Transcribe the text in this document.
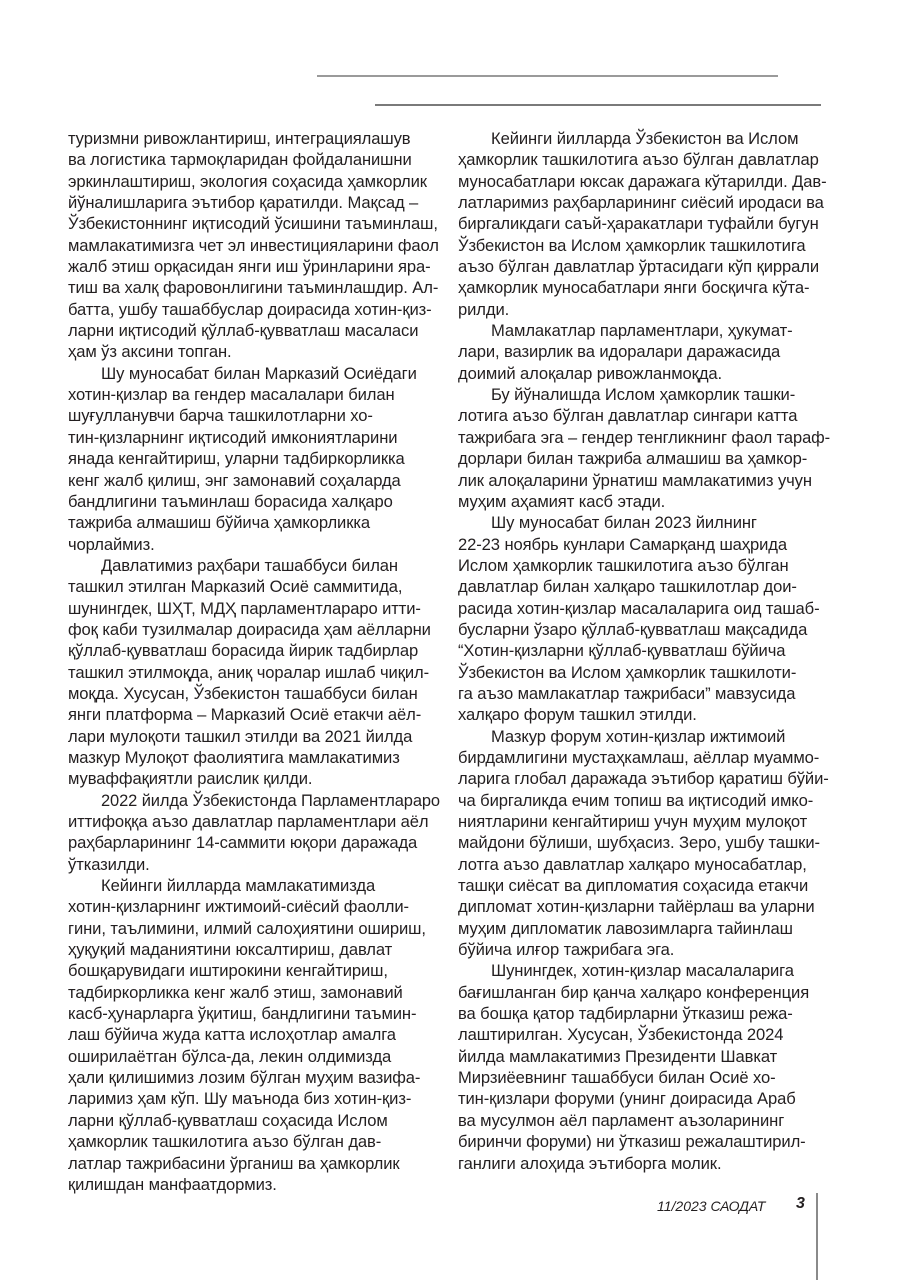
туризмни ривожлантириш, интеграциялашув
ва логистика тармоқларидан фойдаланишни
эркинлаштириш, экология соҳасида ҳамкорлик
йўналишларига эътибор қаратилди. Мақсад –
Ўзбекистоннинг иқтисодий ўсишини таъминлаш,
мамлакатимизга чет эл инвестицияларини фаол
жалб этиш орқасидан янги иш ўринларини яра-
тиш ва халқ фаровонлигини таъминлашдир. Ал-
батта, ушбу ташаббуслар доирасида хотин-қиз-
ларни иқтисодий қўллаб-қувватлаш масаласи
ҳам ўз аксини топган.
Шу муносабат билан Марказий Осиёдаги
хотин-қизлар ва гендер масалалари билан
шуғулланувчи барча ташкилотларни хо-
тин-қизларнинг иқтисодий имкониятларини
янада кенгайтириш, уларни тадбиркорликка
кенг жалб қилиш, энг замонавий соҳаларда
бандлигини таъминлаш борасида халқаро
тажриба алмашиш бўйича ҳамкорликка
чорлаймиз.
Давлатимиз раҳбари ташаббуси билан
ташкил этилган Марказий Осиё саммитида,
шунингдек, ШҲТ, МДҲ парламентлараро итти-
фоқ каби тузилмалар доирасида ҳам аёлларни
қўллаб-қувватлаш борасида йирик тадбирлар
ташкил этилмоқда, аниқ чоралар ишлаб чиқил-
моқда. Хусусан, Ўзбекистон ташаббуси билан
янги платформа – Марказий Осиё етакчи аёл-
лари мулоқоти ташкил этилди ва 2021 йилда
мазкур Мулоқот фаолиятига мамлакатимиз
муваффақиятли раислик қилди.
2022 йилда Ўзбекистонда Парламентлараро
иттифоққа аъзо давлатлар парламентлари аёл
раҳбарларининг 14-саммити юқори даражада
ўтказилди.
Кейинги йилларда мамлакатимизда
хотин-қизларнинг ижтимоий-сиёсий фаолли-
гини, таълимини, илмий салоҳиятини ошириш,
ҳуқуқий маданиятини юксалтириш, давлат
бошқарувидаги иштирокини кенгайтириш,
тадбиркорликка кенг жалб этиш, замонавий
касб-ҳунарларга ўқитиш, бандлигини таъмин-
лаш бўйича жуда катта ислоҳотлар амалга
оширилаётган бўлса-да, лекин олдимизда
ҳали қилишимиз лозим бўлган муҳим вазифа-
ларимиз ҳам кўп. Шу маънода биз хотин-қиз-
ларни қўллаб-қувватлаш соҳасида Ислом
ҳамкорлик ташкилотига аъзо бўлган дав-
латлар тажрибасини ўрганиш ва ҳамкорлик
қилишдан манфаатдормиз.
Кейинги йилларда Ўзбекистон ва Ислом
ҳамкорлик ташкилотига аъзо бўлган давлатлар
муносабатлари юксак даражага кўтарилди. Дав-
латларимиз раҳбарларининг сиёсий иродаси ва
биргаликдаги саъй-ҳаракатлари туфайли бугун
Ўзбекистон ва Ислом ҳамкорлик ташкилотига
аъзо бўлган давлатлар ўртасидаги кўп қиррали
ҳамкорлик муносабатлари янги босқичга кўта-
рилди.
Мамлакатлар парламентлари, ҳукумат-
лари, вазирлик ва идоралари даражасида
доимий алоқалар ривожланмоқда.
Бу йўналишда Ислом ҳамкорлик ташки-
лотига аъзо бўлган давлатлар сингари катта
тажрибага эга – гендер тенгликнинг фаол тараф-
дорлари билан тажриба алмашиш ва ҳамкор-
лик алоқаларини ўрнатиш мамлакатимиз учун
муҳим аҳамият касб этади.
Шу муносабат билан 2023 йилнинг
22-23 ноябрь кунлари Самарқанд шаҳрида
Ислом ҳамкорлик ташкилотига аъзо бўлган
давлатлар билан халқаро ташкилотлар дои-
расида хотин-қизлар масалаларига оид ташаб-
бусларни ўзаро қўллаб-қувватлаш мақсадида
“Хотин-қизларни қўллаб-қувватлаш бўйича
Ўзбекистон ва Ислом ҳамкорлик ташкилоти-
га аъзо мамлакатлар тажрибаси” мавзусида
халқаро форум ташкил этилди.
Мазкур форум хотин-қизлар ижтимоий
бирдамлигини мустаҳкамлаш, аёллар муаммо-
ларига глобал даражада эътибор қаратиш бўйи-
ча биргаликда ечим топиш ва иқтисодий имко-
ниятларини кенгайтириш учун муҳим мулоқот
майдони бўлиши, шубҳасиз. Зеро, ушбу ташки-
лотга аъзо давлатлар халқаро муносабатлар,
ташқи сиёсат ва дипломатия соҳасида етакчи
дипломат хотин-қизларни тайёрлаш ва уларни
муҳим дипломатик лавозимларга тайинлаш
бўйича илғор тажрибага эга.
Шунингдек, хотин-қизлар масалаларига
бағишланган бир қанча халқаро конференция
ва бошқа қатор тадбирларни ўтказиш режа-
лаштирилган. Хусусан, Ўзбекистонда 2024
йилда мамлакатимиз Президенти Шавкат
Мирзиёевнинг ташаббуси билан Осиё хо-
тин-қизлари форуми (унинг доирасида Араб
ва мусулмон аёл парламент аъзоларининг
биринчи форуми) ни ўтказиш режалаштирил-
ганлиги алоҳида эътиборга молик.
11/2023 САОДАТ 3
